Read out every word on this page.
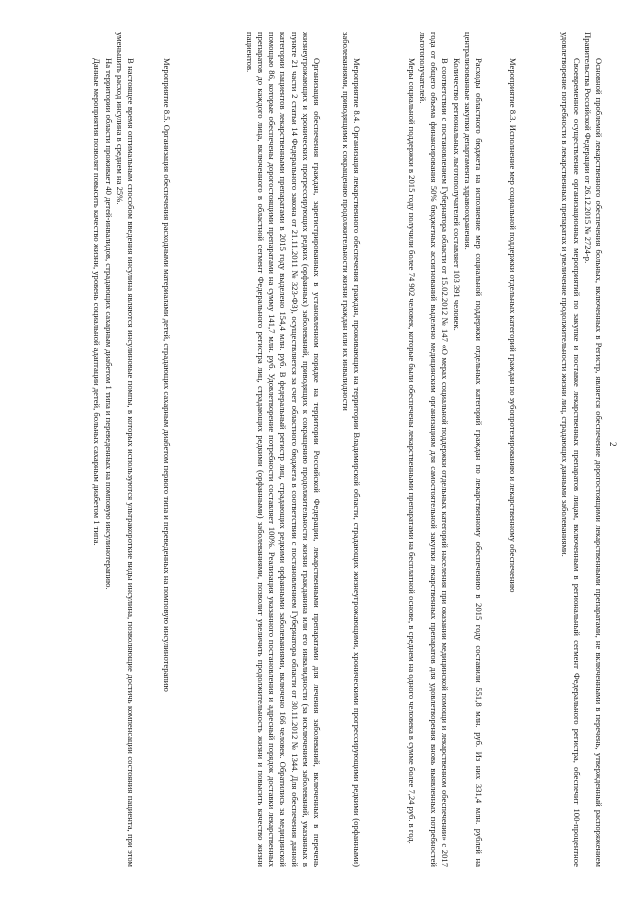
2

Основной проблемой лекарственного обеспечения больных, включенных в Регистр, является обеспечение дорогостоящими лекарственными препаратами, не включенными в перечень, утвержденный распоряжением Правительства Российской Федерации от 26.12.2015 № 2724-р.

Своевременное осуществление организационных мероприятий по закупке и поставке лекарственных препаратов лицам, включенным в региональный сегмент Федерального регистра, обеспечит 100-процентное удовлетворение потребности в лекарственных препаратах и увеличение продолжительности жизни лиц, страдающих данными заболеваниями.

Мероприятие 8.3. Исполнение мер социальной поддержки отдельных категорий граждан по зубопротезированию и лекарственному обеспечению

Расходы областного бюджета на исполнение мер социальной поддержки отдельных категорий граждан по лекарственному обеспечению в 2015 году составили 551,8 млн. руб. Из них 331,4 млн. рублей на централизованные закупки департамента здравоохранения.

Количество региональных льготополучателей составляет 103 391 человек.

В соответствии с постановлением Губернатора области от 15.02.2012 № 147 «О мерах социальной поддержки отдельных категорий населения при оказании медицинской помощи и лекарственном обеспечении» с 2017 года от общего объема финансирования 50% бюджетных ассигнований выделено медицинским организациям для самостоятельной закупки лекарственных препаратов для удовлетворения вновь выявленных потребностей льготополучателей.

Меры социальной поддержки в 2015 году получили более 74 902 человек, которые были обеспечены лекарственными препаратами на бесплатной основе, в среднем на одного человека в сумме более 7,24 руб. в год.

Мероприятие 8.4. Организация лекарственного обеспечения граждан, проживающих на территории Владимирской области, страдающих жизнеугрожающими, хроническими прогрессирующими редкими (орфанными) заболеваниями, приводящими к сокращению продолжительности жизни граждан или их инвалидности

Организация обеспечения граждан, зарегистрированных в установленном порядке на территории Российской Федерации, лекарственными препаратами для лечения заболеваний, включенных в перечень жизнеугрожающих и хронических прогрессирующих редких (орфанных) заболеваний, приводящих к сокращению продолжительности жизни гражданина или его инвалидности (за исключением заболеваний, указанных в пункте 21 части 2 статьи 14 Федерального закона от 21.11.2011 № 323-ФЗ), осуществляется за счет областного бюджета в соответствии с постановлением Губернатора области от 30.11.2012 № 1344. Для обеспечения данной категории пациентов лекарственными препаратами в 2015 году выделено 154,4 млн. руб. В федеральный регистр лиц, страдающих редкими орфанными заболеваниями, включено 166 человек. Обратились за медицинской помощью 86, которые обеспечены дорогостоящими препаратами на сумму 141,7 млн. руб. Удовлетворение потребности составляет 100%. Реализация указанного постановления и адресный порядок доставки лекарственных препаратов до каждого лица, включенного в областной сегмент Федерального регистра лиц, страдающих редкими (орфанными) заболеваниями, позволит увеличить продолжительность жизни и повысить качество жизни пациентов.

Мероприятие 8.5. Организация обеспечения расходными материалами детей, страдающих сахарным диабетом первого типа и переведенных на помповую инсулинотерапию

В настоящее время оптимальным способом введения инсулина являются инсулиновые помпы, в которых используются ультракороткие виды инсулина, позволяющие достичь компенсации состояния пациента, при этом уменьшить расход инсулина в среднем на 25%.

На территории области проживает 40 детей-инвалидов, страдающих сахарным диабетом 1 типа и переведенных на помповую инсулинотерапию.

Данные мероприятия позволят повысить качество жизни, уровень социальной адаптации детей, больных сахарным диабетом 1 типа.
